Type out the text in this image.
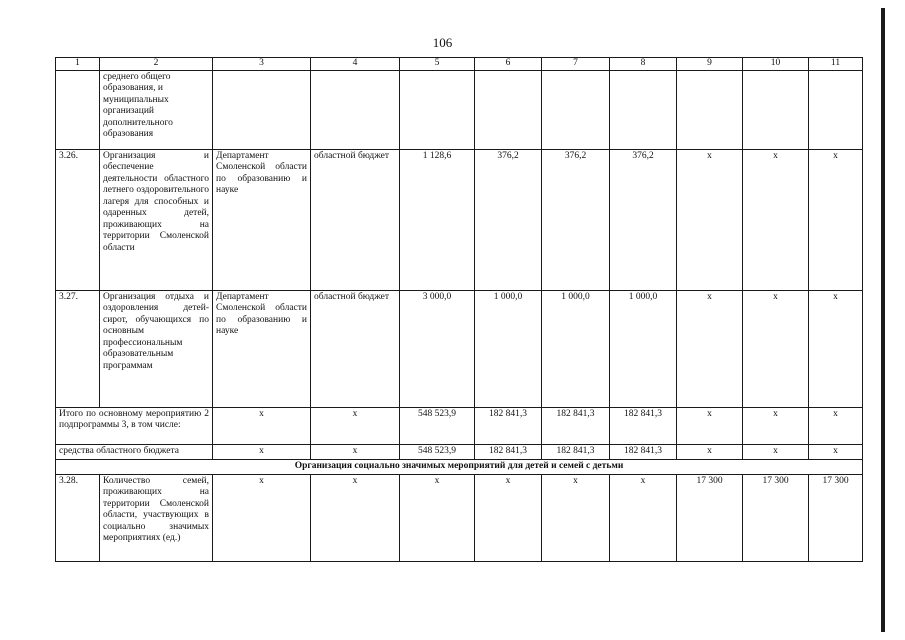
106
1	2	3	4	5	6	7	8	9	10	11
	среднего общего образования, и муниципальных организаций дополнительного образования									
3.26.	Организация и обеспечение деятельности областного летнего оздоровительного лагеря для способных и одаренных детей, проживающих на территории Смоленской области	Департамент Смоленской области по образованию и науке	областной бюджет	1 128,6	376,2	376,2	376,2	х	х	х
3.27.	Организация отдыха и оздоровления детей-сирот, обучающихся по основным профессиональным образовательным программам	Департамент Смоленской области по образованию и науке	областной бюджет	3 000,0	1 000,0	1 000,0	1 000,0	х	х	х
Итого по основному мероприятию 2 подпрограммы 3, в том числе:		х	х	548 523,9	182 841,3	182 841,3	182 841,3	х	х	х
средства областного бюджета		х	х	548 523,9	182 841,3	182 841,3	182 841,3	х	х	х
Организация социально значимых мероприятий для детей и семей с детьми										
3.28.	Количество семей, проживающих на территории Смоленской области, участвующих в социально значимых мероприятиях (ед.)	х	х	х	х	х	х	17 300	17 300	17 300
